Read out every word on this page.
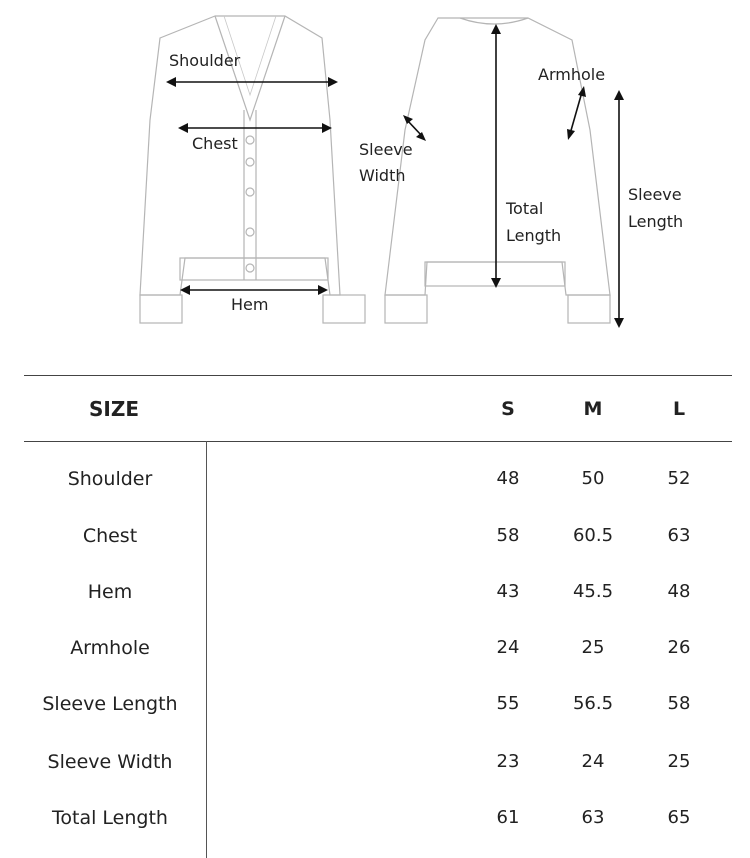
Shoulder
Chest
Hem
Sleeve
Width
Armhole
Total
Length
Sleeve
Length
SIZE	S	M	L
Shoulder	48	50	52
Chest	58	60.5	63
Hem	43	45.5	48
Armhole	24	25	26
Sleeve Length	55	56.5	58
Sleeve Width	23	24	25
Total Length	61	63	65
